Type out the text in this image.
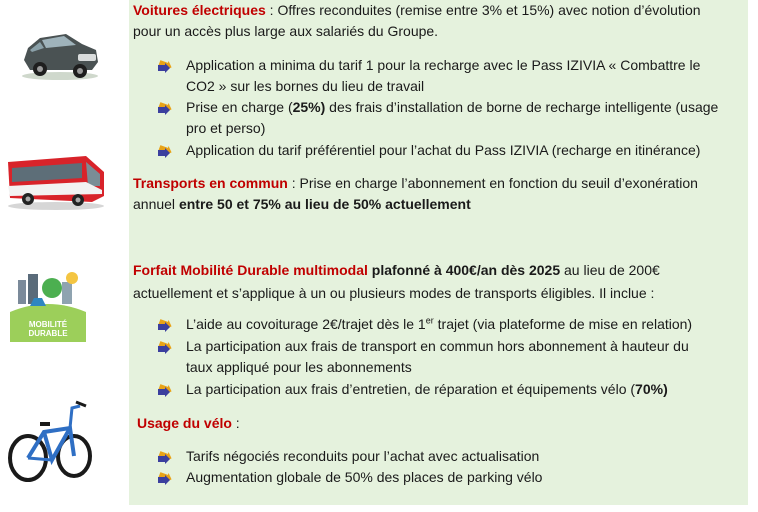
MOBILITÉ
DURABLE
Voitures électriques : Offres reconduites (remise entre 3% et 15%) avec notion d’évolution
pour un accès plus large aux salariés du Groupe.
Application a minima du tarif 1 pour la recharge avec le Pass IZIVIA « Combattre le
CO2 » sur les bornes du lieu de travail
Prise en charge (25%) des frais d’installation de borne de recharge intelligente (usage
pro et perso)
Application du tarif préférentiel pour l’achat du Pass IZIVIA (recharge en itinérance)
Transports en commun : Prise en charge l’abonnement en fonction du seuil d’exonération
annuel entre 50 et 75% au lieu de 50% actuellement
Forfait Mobilité Durable multimodal plafonné à 400€/an dès 2025 au lieu de 200€
actuellement et s’applique à un ou plusieurs modes de transports éligibles. Il inclue :
L’aide au covoiturage 2€/trajet dès le 1er trajet (via plateforme de mise en relation)
La participation aux frais de transport en commun hors abonnement à hauteur du
taux appliqué pour les abonnements
La participation aux frais d’entretien, de réparation et équipements vélo (70%)
Usage du vélo :
Tarifs négociés reconduits pour l’achat avec actualisation
Augmentation globale de 50% des places de parking vélo
